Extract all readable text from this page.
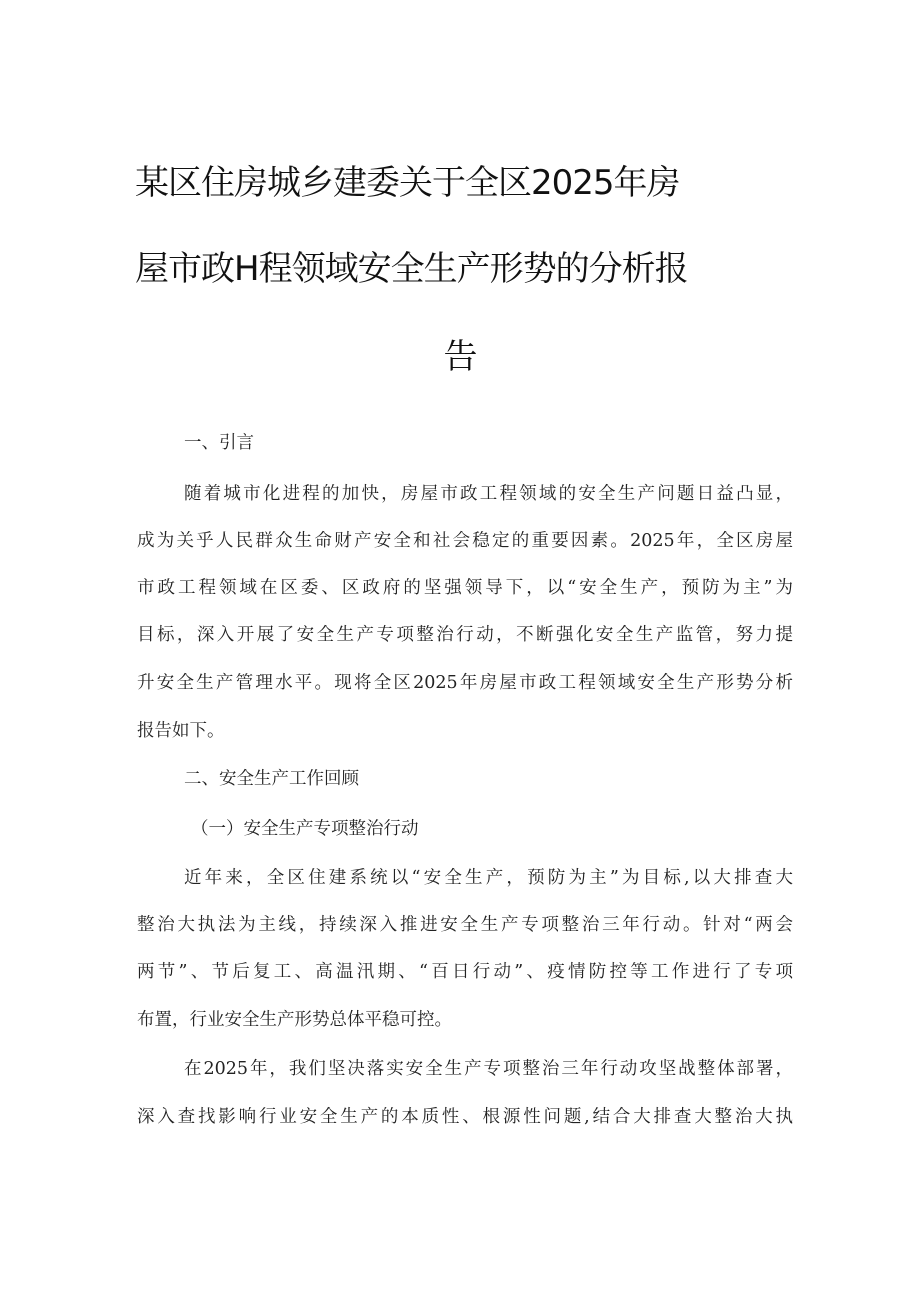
某区住房城乡建委关于全区2025年房
屋市政H程领域安全生产形势的分析报
告
一、引言
随着城市化进程的加快，房屋市政工程领域的安全生产问题日益凸显，
成为关乎人民群众生命财产安全和社会稳定的重要因素。2025年，全区房屋
市政工程领域在区委、区政府的坚强领导下，以“安全生产，预防为主”为
目标，深入开展了安全生产专项整治行动，不断强化安全生产监管，努力提
升安全生产管理水平。现将全区2025年房屋市政工程领域安全生产形势分析
报告如下。
二、安全生产工作回顾
（一）安全生产专项整治行动
近年来，全区住建系统以“安全生产，预防为主”为目标,以大排查大
整治大执法为主线，持续深入推进安全生产专项整治三年行动。针对“两会
两节”、节后复工、高温汛期、“百日行动”、疫情防控等工作进行了专项
布置，行业安全生产形势总体平稳可控。
在2025年，我们坚决落实安全生产专项整治三年行动攻坚战整体部署，
深入查找影响行业安全生产的本质性、根源性问题,结合大排查大整治大执
